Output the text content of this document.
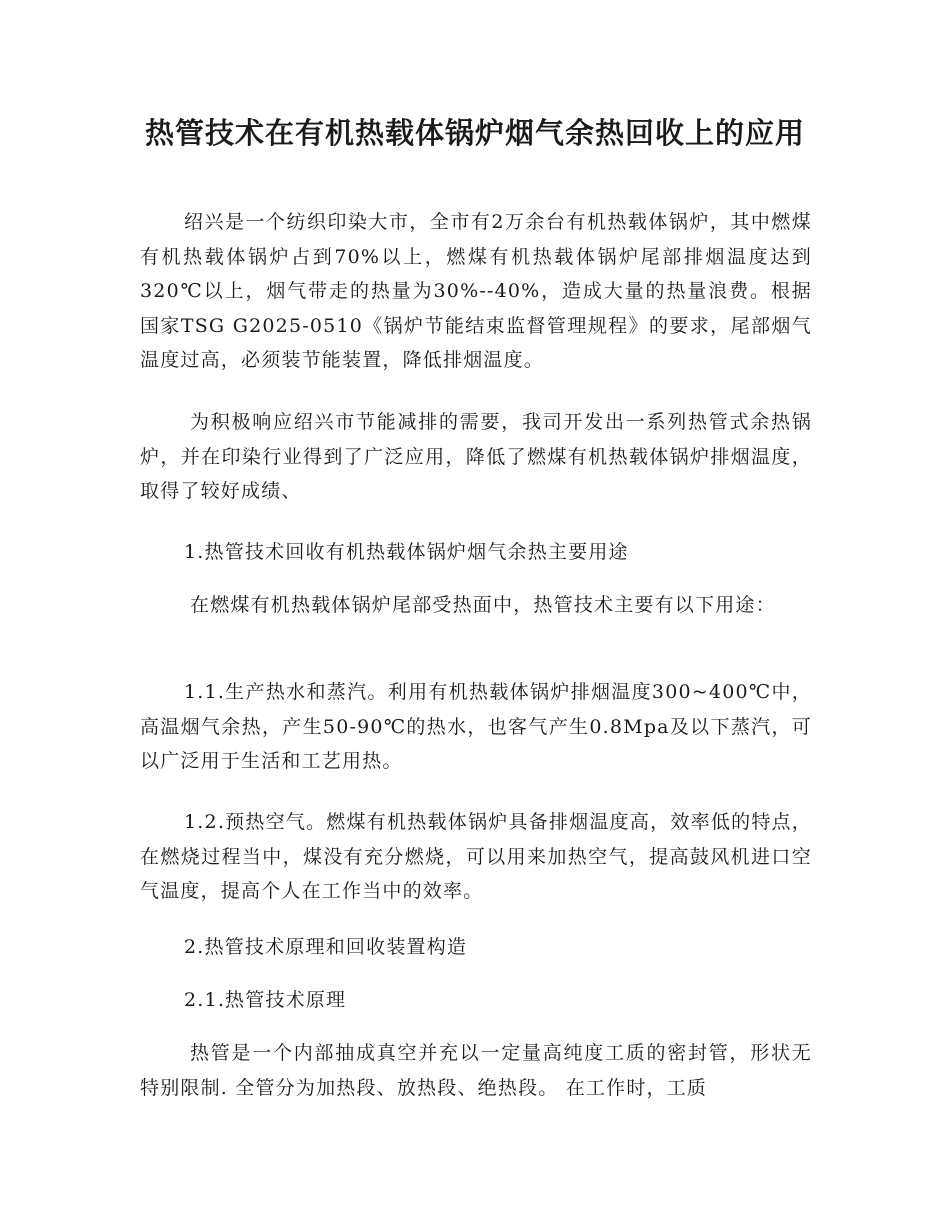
热管技术在有机热载体锅炉烟气余热回收上的应用

绍兴是一个纺织印染大市，全市有2万余台有机热载体锅炉，其中燃煤有机热载体锅炉占到70%以上，燃煤有机热载体锅炉尾部排烟温度达到320℃以上，烟气带走的热量为30%--40%，造成大量的热量浪费。根据国家TSG G2025-0510《锅炉节能结束监督管理规程》的要求，尾部烟气温度过高，必须装节能装置，降低排烟温度。

为积极响应绍兴市节能减排的需要，我司开发出一系列热管式余热锅炉，并在印染行业得到了广泛应用，降低了燃煤有机热载体锅炉排烟温度，取得了较好成绩、

1.热管技术回收有机热载体锅炉烟气余热主要用途

在燃煤有机热载体锅炉尾部受热面中，热管技术主要有以下用途：

1.1.生产热水和蒸汽。利用有机热载体锅炉排烟温度300~400℃中，高温烟气余热，产生50-90℃的热水，也客气产生0.8Mpa及以下蒸汽，可以广泛用于生活和工艺用热。

1.2.预热空气。燃煤有机热载体锅炉具备排烟温度高，效率低的特点，在燃烧过程当中，煤没有充分燃烧，可以用来加热空气，提高鼓风机进口空气温度，提高个人在工作当中的效率。

2.热管技术原理和回收装置构造

2.1.热管技术原理

热管是一个内部抽成真空并充以一定量高纯度工质的密封管，形状无特别限制. 全管分为加热段、放热段、绝热段。 在工作时，工质
